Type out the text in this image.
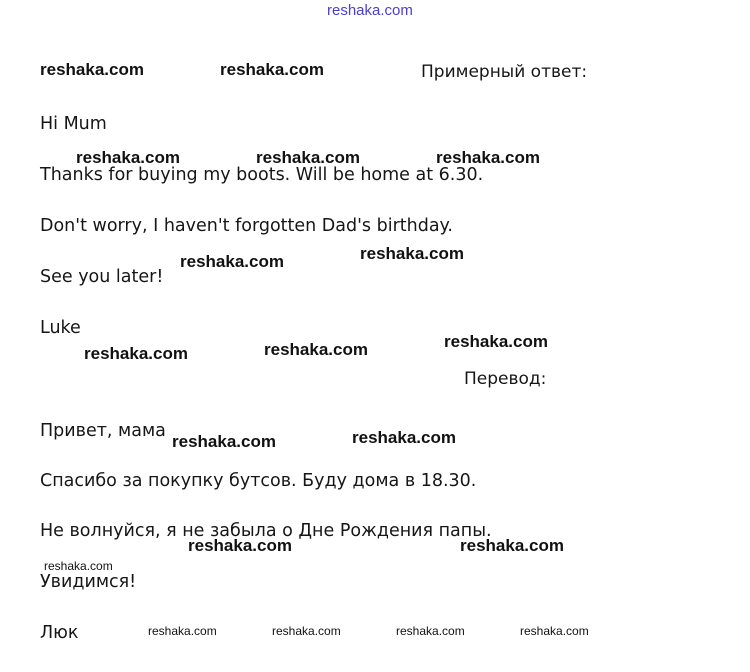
reshaka.com
Примерный ответ:
Перевод:
Hi Mum
Thanks for buying my boots. Will be home at 6.30.
Don't worry, I haven't forgotten Dad's birthday.
See you later!
Luke
Привет, мама
Спасибо за покупку бутсов. Буду дома в 18.30.
Не волнуйся, я не забыла о Дне Рождения папы.
Увидимся!
Люк
reshaka.com	reshaka.com
reshaka.com	reshaka.com	reshaka.com
reshaka.com	reshaka.com
reshaka.com
reshaka.com	reshaka.com
reshaka.com	reshaka.com
reshaka.com	reshaka.com
reshaka.com
reshaka.com	reshaka.com	reshaka.com	reshaka.com
